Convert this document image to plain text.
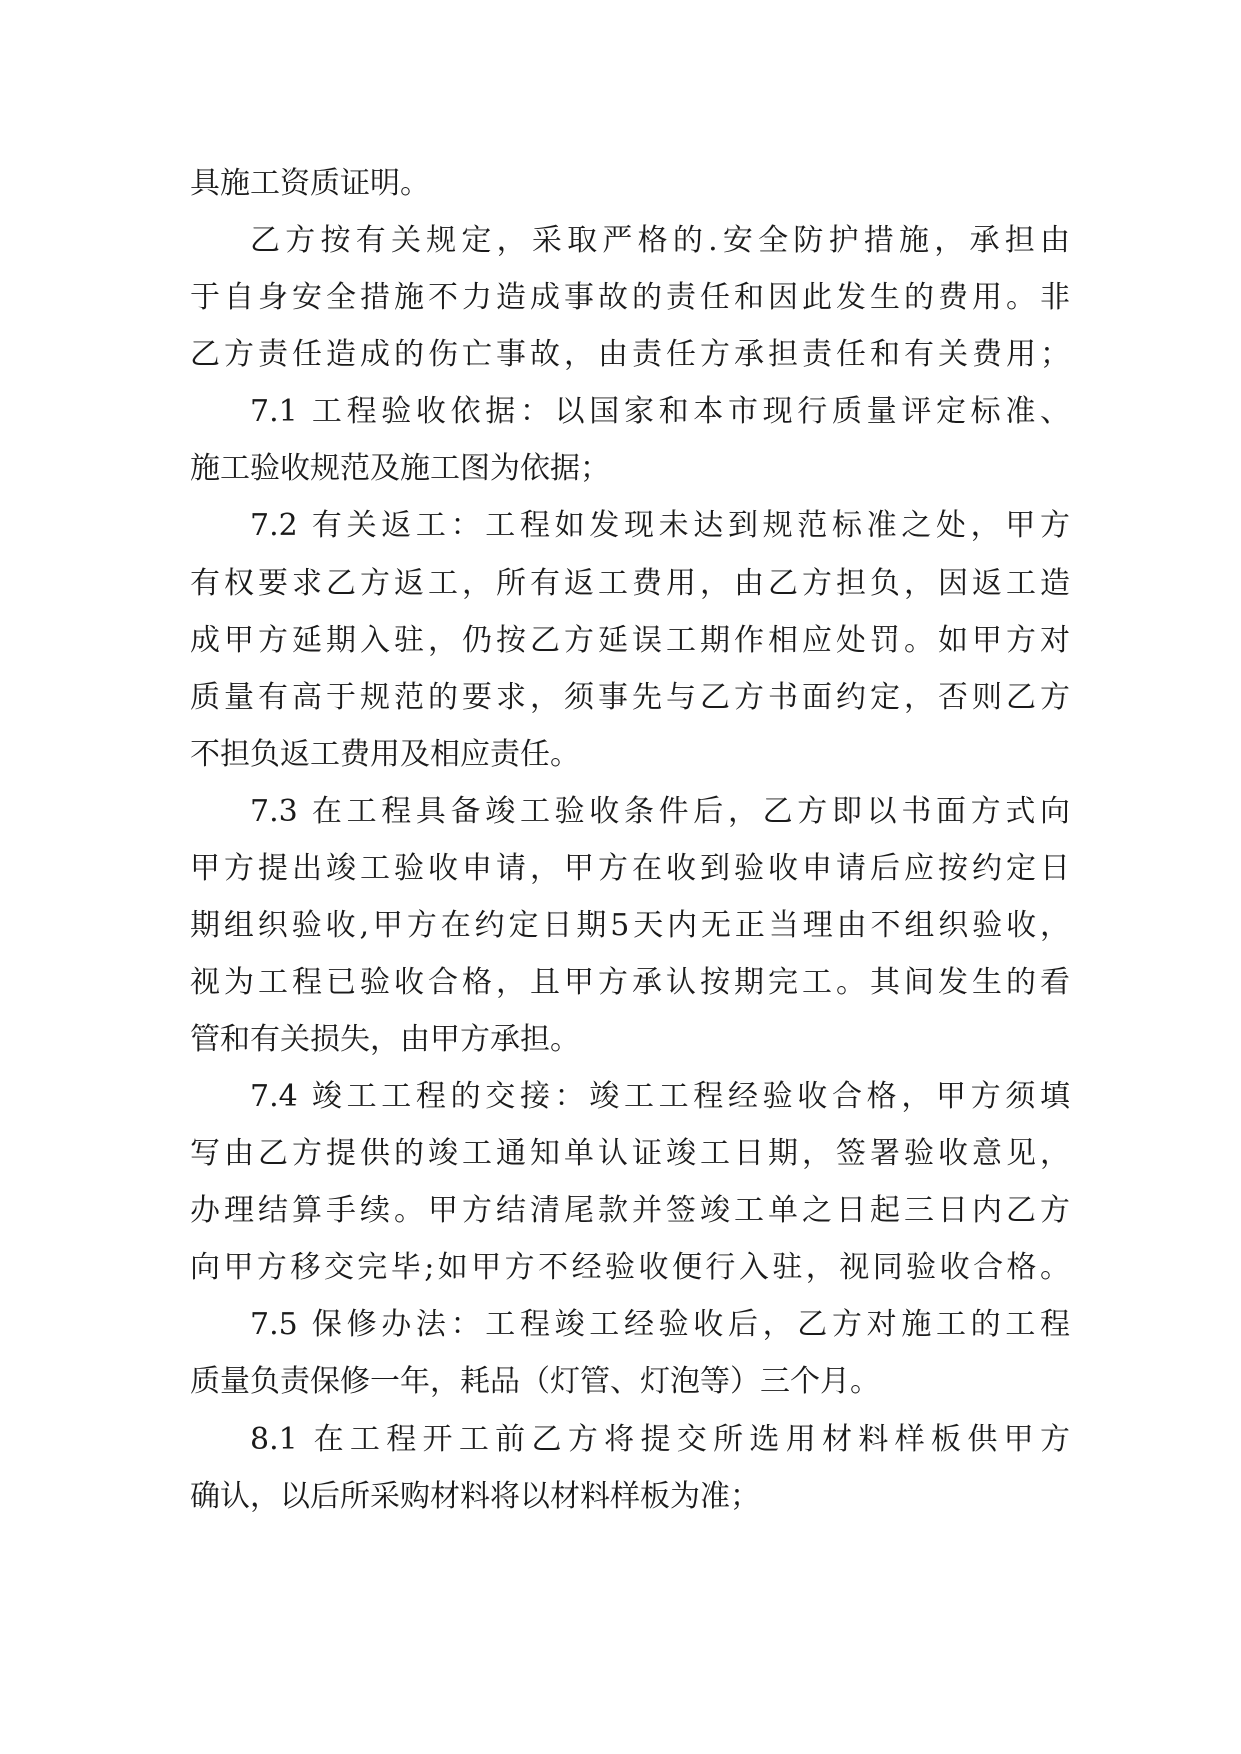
具施工资质证明。
乙方按有关规定，采取严格的.安全防护措施，承担由
于自身安全措施不力造成事故的责任和因此发生的费用。非
乙方责任造成的伤亡事故，由责任方承担责任和有关费用；
7.1 工程验收依据：以国家和本市现行质量评定标准、
施工验收规范及施工图为依据；
7.2 有关返工：工程如发现未达到规范标准之处，甲方
有权要求乙方返工，所有返工费用，由乙方担负，因返工造
成甲方延期入驻，仍按乙方延误工期作相应处罚。如甲方对
质量有高于规范的要求，须事先与乙方书面约定，否则乙方
不担负返工费用及相应责任。
7.3 在工程具备竣工验收条件后，乙方即以书面方式向
甲方提出竣工验收申请，甲方在收到验收申请后应按约定日
期组织验收,甲方在约定日期5天内无正当理由不组织验收，
视为工程已验收合格，且甲方承认按期完工。其间发生的看
管和有关损失，由甲方承担。
7.4 竣工工程的交接：竣工工程经验收合格，甲方须填
写由乙方提供的竣工通知单认证竣工日期，签署验收意见，
办理结算手续。甲方结清尾款并签竣工单之日起三日内乙方
向甲方移交完毕;如甲方不经验收便行入驻，视同验收合格。
7.5 保修办法：工程竣工经验收后，乙方对施工的工程
质量负责保修一年，耗品（灯管、灯泡等）三个月。
8.1 在工程开工前乙方将提交所选用材料样板供甲方
确认，以后所采购材料将以材料样板为准；
